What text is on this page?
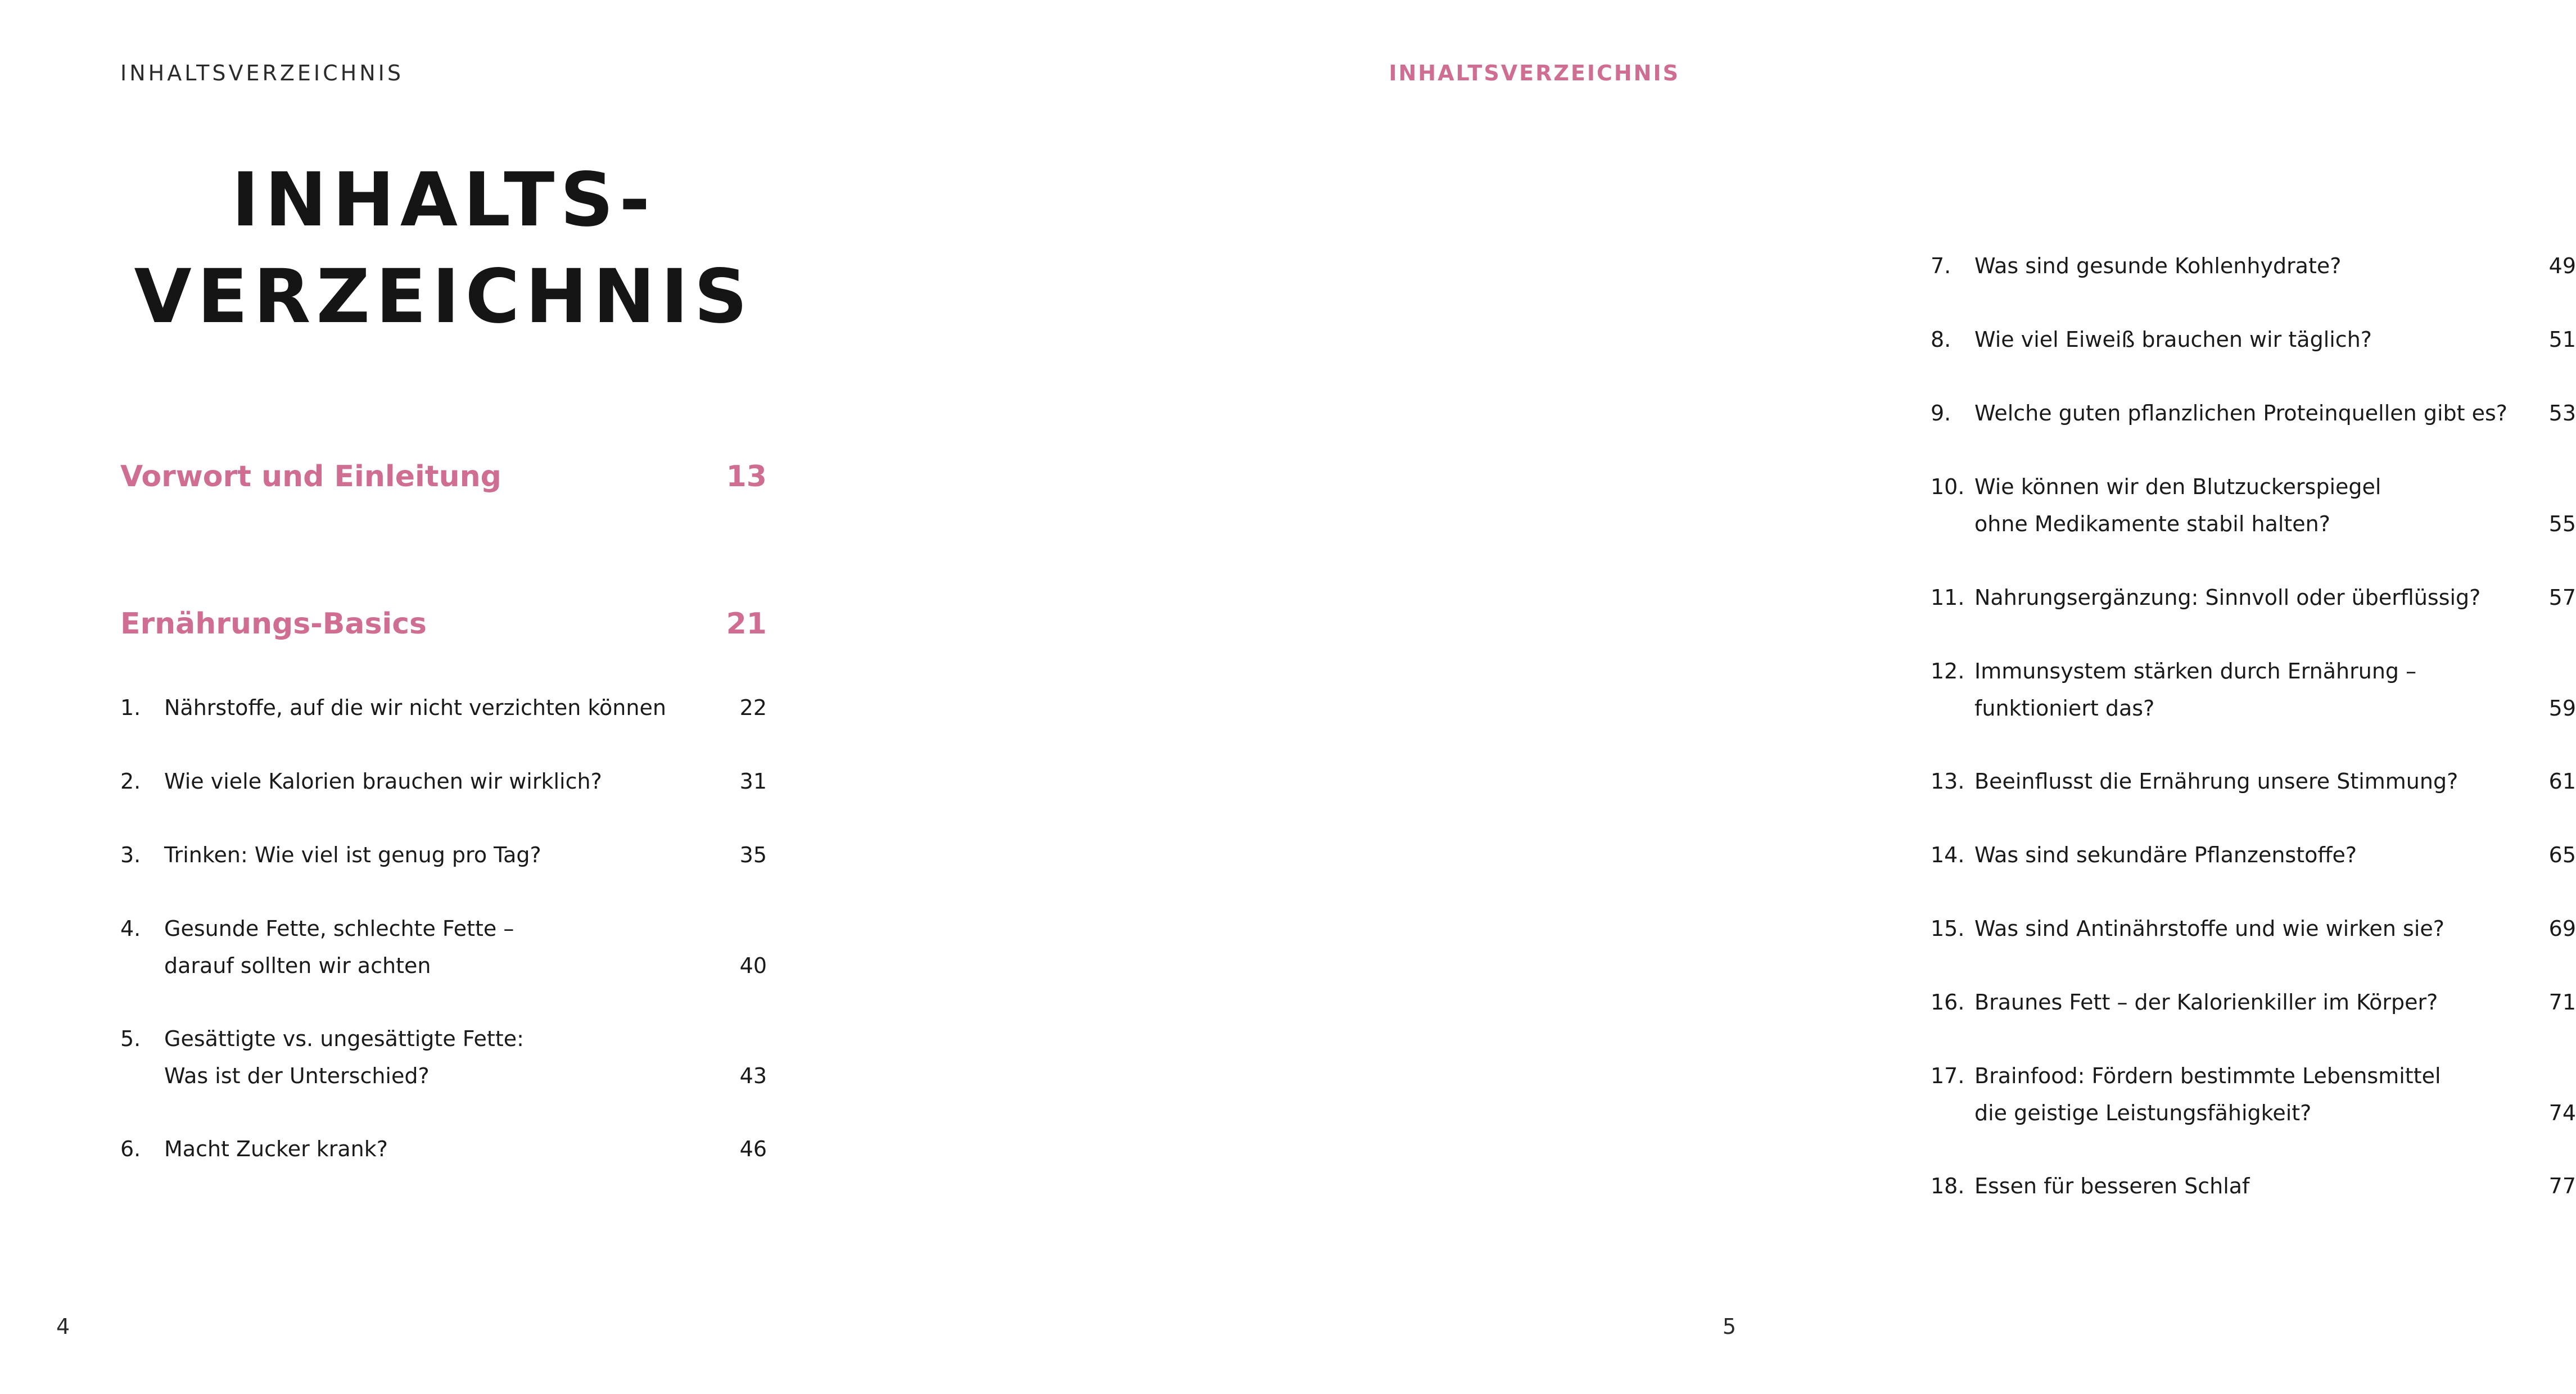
INHALTSVERZEICHNIS
INHALTS-
VERZEICHNIS
Vorwort und Einleitung	13
Ernährungs-Basics	21
1.	Nährstoffe, auf die wir nicht verzichten können	22
2.	Wie viele Kalorien brauchen wir wirklich?	31
3.	Trinken: Wie viel ist genug pro Tag?	35
4.	Gesunde Fette, schlechte Fette –
darauf sollten wir achten	40
5.	Gesättigte vs. ungesättigte Fette:
Was ist der Unterschied?	43
6.	Macht Zucker krank?	46
4
INHALTSVERZEICHNIS
7.	Was sind gesunde Kohlenhydrate?	49
8.	Wie viel Eiweiß brauchen wir täglich?	51
9.	Welche guten pflanzlichen Proteinquellen gibt es?	53
10. Wie können wir den Blutzuckerspiegel
ohne Medikamente stabil halten?	55
11. Nahrungsergänzung: Sinnvoll oder überflüssig?	57
12. Immunsystem stärken durch Ernährung –
funktioniert das?	59
13. Beeinflusst die Ernährung unsere Stimmung?	61
14. Was sind sekundäre Pflanzenstoffe?	65
15. Was sind Antinährstoffe und wie wirken sie?	69
16. Braunes Fett – der Kalorienkiller im Körper?	71
17. Brainfood: Fördern bestimmte Lebensmittel
die geistige Leistungsfähigkeit?	74
18. Essen für besseren Schlaf	77
5
